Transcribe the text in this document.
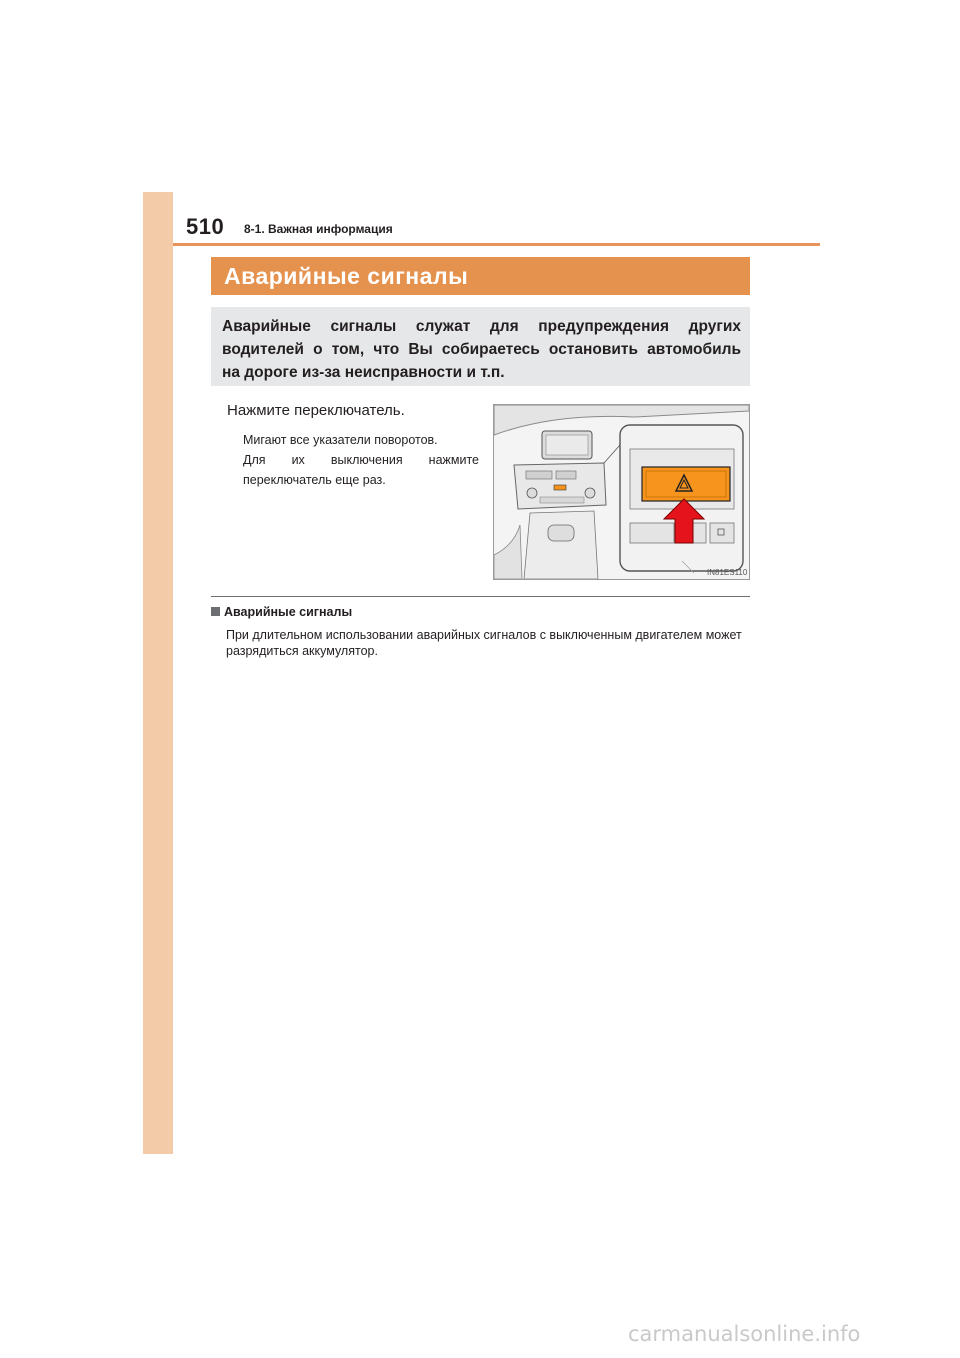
510 8-1. Важная информация
Аварийные сигналы
Аварийные сигналы служат для предупреждения других
водителей о том, что Вы собираетесь остановить автомобиль
на дороге из-за неисправности и т.п.
Нажмите переключатель.
Мигают все указатели поворотов.
Для их выключения нажмите
переключатель еще раз.
IN81ES110
Аварийные сигналы
При длительном использовании аварийных сигналов с выключенным двигателем может разрядиться аккумулятор.
carmanualsonline.info
